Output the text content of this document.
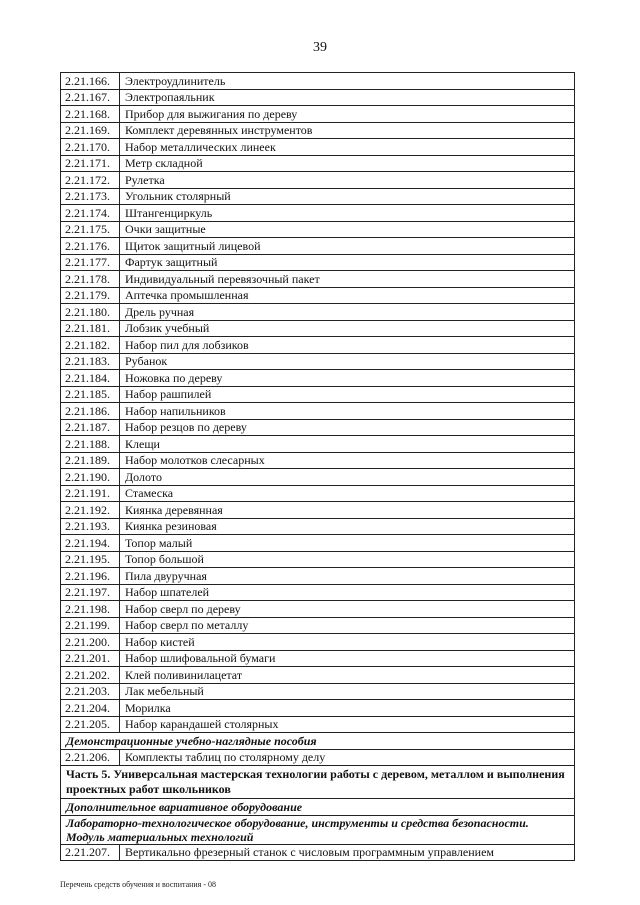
39
2.21.166.	Электроудлинитель
2.21.167.	Электропаяльник
2.21.168.	Прибор для выжигания по дереву
2.21.169.	Комплект деревянных инструментов
2.21.170.	Набор металлических линеек
2.21.171.	Метр складной
2.21.172.	Рулетка
2.21.173.	Угольник столярный
2.21.174.	Штангенциркуль
2.21.175.	Очки защитные
2.21.176.	Щиток защитный лицевой
2.21.177.	Фартук защитный
2.21.178.	Индивидуальный перевязочный пакет
2.21.179.	Аптечка промышленная
2.21.180.	Дрель ручная
2.21.181.	Лобзик учебный
2.21.182.	Набор пил для лобзиков
2.21.183.	Рубанок
2.21.184.	Ножовка по дереву
2.21.185.	Набор рашпилей
2.21.186.	Набор напильников
2.21.187.	Набор резцов по дереву
2.21.188.	Клещи
2.21.189.	Набор молотков слесарных
2.21.190.	Долото
2.21.191.	Стамеска
2.21.192.	Киянка деревянная
2.21.193.	Киянка резиновая
2.21.194.	Топор малый
2.21.195.	Топор большой
2.21.196.	Пила двуручная
2.21.197.	Набор шпателей
2.21.198.	Набор сверл по дереву
2.21.199.	Набор сверл по металлу
2.21.200.	Набор кистей
2.21.201.	Набор шлифовальной бумаги
2.21.202.	Клей поливинилацетат
2.21.203.	Лак мебельный
2.21.204.	Морилка
2.21.205.	Набор карандашей столярных
Демонстрационные учебно-наглядные пособия	
2.21.206.	Комплекты таблиц по столярному делу
Часть 5. Универсальная мастерская технологии работы с деревом, металлом и выполнения проектных работ школьников	
Дополнительное вариативное оборудование	
Лабораторно-технологическое оборудование, инструменты и средства безопасности.
Модуль материальных технологий	
2.21.207.	Вертикально фрезерный станок с числовым программным управлением
Перечень средств обучения и воспитания - 08
